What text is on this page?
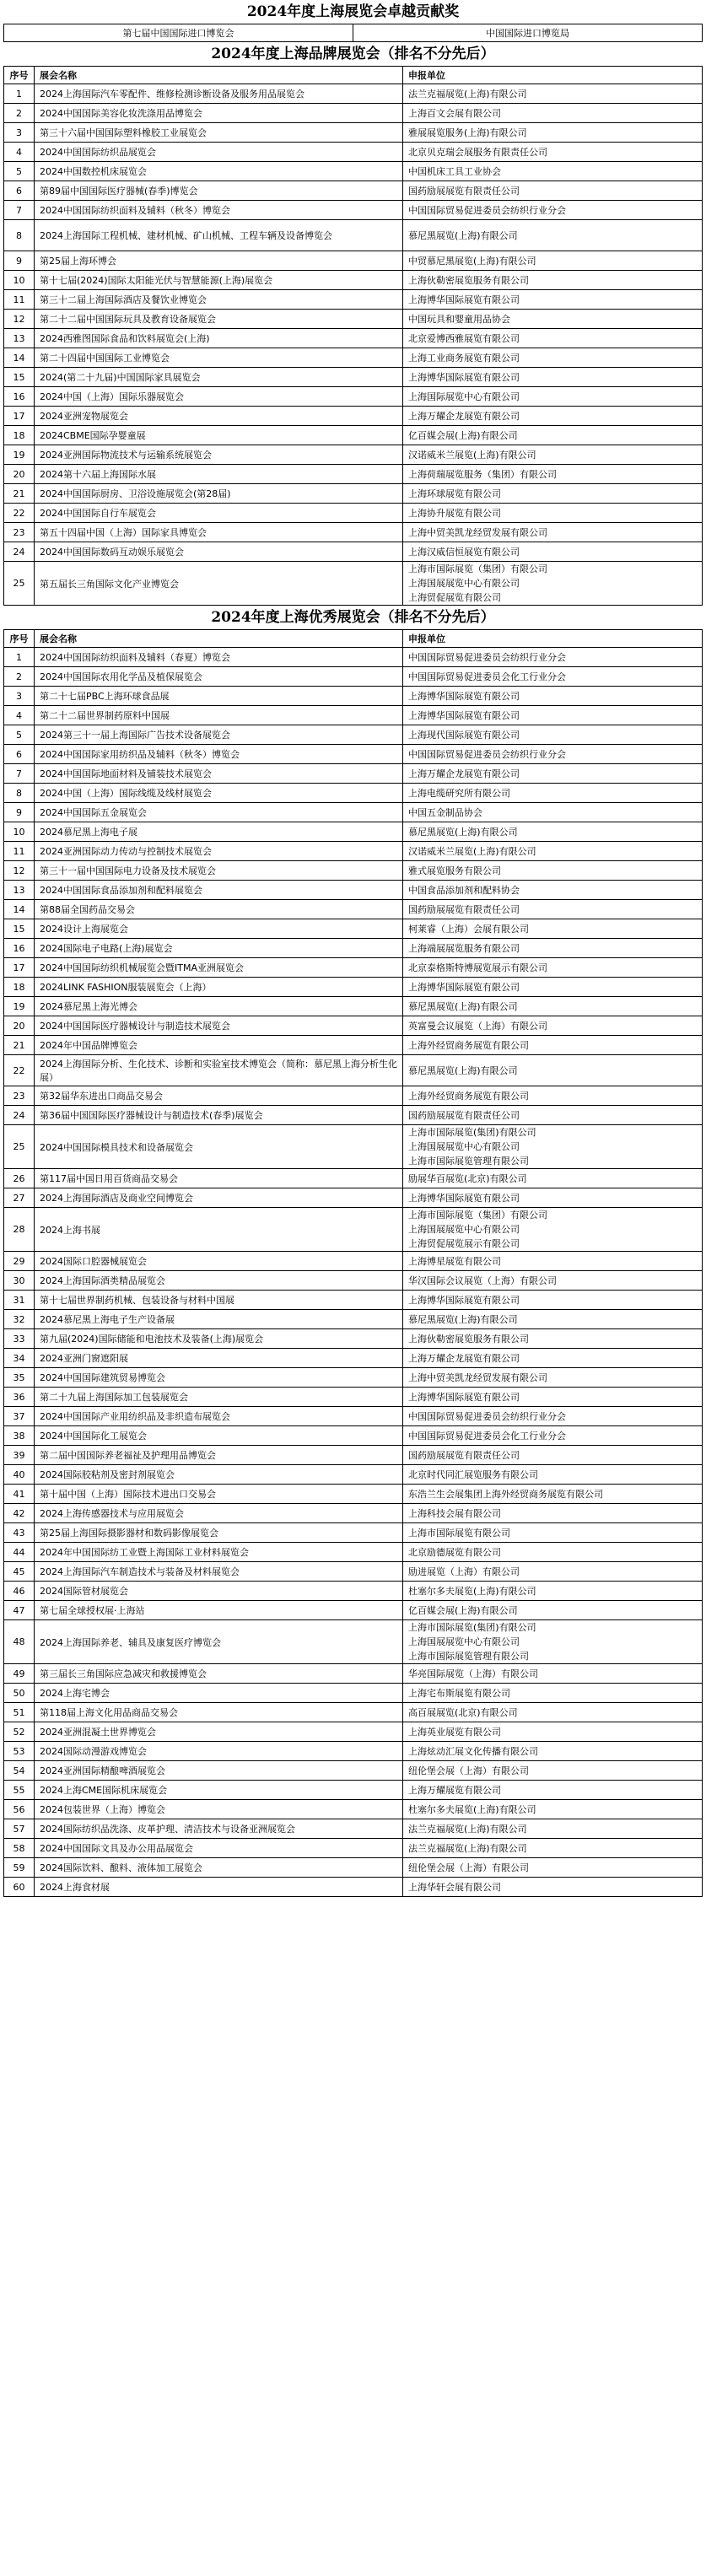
2024年度上海展览会卓越贡献奖
第七届中国国际进口博览会	中国国际进口博览局
2024年度上海品牌展览会（排名不分先后）
序号	展会名称	申报单位
1	2024上海国际汽车零配件、维修检测诊断设备及服务用品展览会	法兰克福展览(上海)有限公司

2	2024中国国际美容化妆洗涤用品博览会	上海百文会展有限公司

3	第三十六届中国国际塑料橡胶工业展览会	雅展展览服务(上海)有限公司

4	2024中国国际纺织品展览会	北京贝克瑞会展服务有限责任公司

5	2024中国数控机床展览会	中国机床工具工业协会

6	第89届中国国际医疗器械(春季)博览会	国药励展展览有限责任公司

7	2024中国国际纺织面料及辅料（秋冬）博览会	中国国际贸易促进委员会纺织行业分会

8	2024上海国际工程机械、建材机械、矿山机械、工程车辆及设备博览会	慕尼黑展览(上海)有限公司

9	第25届上海环博会	中贸慕尼黑展览(上海)有限公司

10	第十七届(2024)国际太阳能光伏与智慧能源(上海)展览会	上海伙勒密展览服务有限公司

11	第三十二届上海国际酒店及餐饮业博览会	上海博华国际展览有限公司

12	第二十二届中国国际玩具及教育设备展览会	中国玩具和婴童用品协会

13	2024西雅图国际食品和饮料展览会(上海)	北京爱博西雅展览有限公司

14	第二十四届中国国际工业博览会	上海工业商务展览有限公司

15	2024(第二十九届)中国国际家具展览会	上海博华国际展览有限公司

16	2024中国（上海）国际乐器展览会	上海国际展览中心有限公司

17	2024亚洲宠物展览会	上海万耀企龙展览有限公司

18	2024CBME国际孕婴童展	亿百媒会展(上海)有限公司

19	2024亚洲国际物流技术与运输系统展览会	汉诺威米兰展览(上海)有限公司

20	2024第十六届上海国际水展	上海荷瑞展览服务（集团）有限公司

21	2024中国国际厨房、卫浴设施展览会(第28届)	上海环球展览有限公司

22	2024中国国际自行车展览会	上海协升展览有限公司

23	第五十四届中国（上海）国际家具博览会	上海中贸美凯龙经贸发展有限公司

24	2024中国国际数码互动娱乐展览会	上海汉威信恒展览有限公司

25	第五届长三角国际文化产业博览会	上海市国际展览（集团）有限公司
上海国展展览中心有限公司
上海贸促展览有限公司
2024年度上海优秀展览会（排名不分先后）
序号	展会名称	申报单位
1	2024中国国际纺织面料及辅料（春夏）博览会	中国国际贸易促进委员会纺织行业分会

2	2024中国国际农用化学品及植保展览会	中国国际贸易促进委员会化工行业分会

3	第二十七届PBC上海环球食品展	上海博华国际展览有限公司

4	第二十二届世界制药原料中国展	上海博华国际展览有限公司

5	2024第三十一届上海国际广告技术设备展览会	上海现代国际展览有限公司

6	2024中国国际家用纺织品及辅料（秋冬）博览会	中国国际贸易促进委员会纺织行业分会

7	2024中国国际地面材料及铺装技术展览会	上海万耀企龙展览有限公司

8	2024中国（上海）国际线缆及线材展览会	上海电缆研究所有限公司

9	2024中国国际五金展览会	中国五金制品协会

10	2024慕尼黑上海电子展	慕尼黑展览(上海)有限公司

11	2024亚洲国际动力传动与控制技术展览会	汉诺威米兰展览(上海)有限公司

12	第三十一届中国国际电力设备及技术展览会	雅式展览服务有限公司

13	2024中国国际食品添加剂和配料展览会	中国食品添加剂和配料协会

14	第88届全国药品交易会	国药励展展览有限责任公司

15	2024设计上海展览会	柯莱睿（上海）会展有限公司

16	2024国际电子电路(上海)展览会	上海端展展览服务有限公司

17	2024中国国际纺织机械展览会暨ITMA亚洲展览会	北京泰格斯特博展览展示有限公司

18	2024LINK FASHION服装展览会（上海）	上海博华国际展览有限公司

19	2024慕尼黑上海光博会	慕尼黑展览(上海)有限公司

20	2024中国国际医疗器械设计与制造技术展览会	英富曼会议展览（上海）有限公司

21	2024年中国品牌博览会	上海外经贸商务展览有限公司

22	2024上海国际分析、生化技术、诊断和实验室技术博览会（简称：慕尼黑上海分析生化展）	慕尼黑展览(上海)有限公司

23	第32届华东进出口商品交易会	上海外经贸商务展览有限公司

24	第36届中国国际医疗器械设计与制造技术(春季)展览会	国药励展展览有限责任公司

25	2024中国国际模具技术和设备展览会	上海市国际展览(集团)有限公司
上海国展展览中心有限公司
上海市国际展览管理有限公司

26	第117届中国日用百货商品交易会	励展华百展览(北京)有限公司

27	2024上海国际酒店及商业空间博览会	上海博华国际展览有限公司

28	2024上海书展	上海市国际展览（集团）有限公司
上海国展展览中心有限公司
上海贸促展览展示有限公司

29	2024国际口腔器械展览会	上海博星展览有限公司

30	2024上海国际酒类精品展览会	华汉国际会议展览（上海）有限公司

31	第十七届世界制药机械、包装设备与材料中国展	上海博华国际展览有限公司

32	2024慕尼黑上海电子生产设备展	慕尼黑展览(上海)有限公司

33	第九届(2024)国际储能和电池技术及装备(上海)展览会	上海伙勒密展览服务有限公司

34	2024亚洲门窗遮阳展	上海万耀企龙展览有限公司

35	2024中国国际建筑贸易博览会	上海中贸美凯龙经贸发展有限公司

36	第二十九届上海国际加工包装展览会	上海博华国际展览有限公司

37	2024中国国际产业用纺织品及非织造布展览会	中国国际贸易促进委员会纺织行业分会

38	2024中国国际化工展览会	中国国际贸易促进委员会化工行业分会

39	第二届中国国际养老福祉及护理用品博览会	国药励展展览有限责任公司

40	2024国际胶粘剂及密封剂展览会	北京时代同汇展览服务有限公司

41	第十届中国（上海）国际技术进出口交易会	东浩兰生会展集团上海外经贸商务展览有限公司

42	2024上海传感器技术与应用展览会	上海科技会展有限公司

43	第25届上海国际摄影器材和数码影像展览会	上海市国际展览有限公司

44	2024年中国国际纺工业暨上海国际工业材料展览会	北京励德展览有限公司

45	2024上海国际汽车制造技术与装备及材料展览会	励进展览（上海）有限公司

46	2024国际管材展览会	杜塞尔多夫展览(上海)有限公司

47	第七届全球授权展·上海站	亿百媒会展(上海)有限公司

48	2024上海国际养老、辅具及康复医疗博览会	上海市国际展览(集团)有限公司
上海国展展览中心有限公司
上海市国际展览管理有限公司

49	第三届长三角国际应急减灾和救援博览会	华亮国际展览（上海）有限公司

50	2024上海宅博会	上海宅布斯展览有限公司

51	第118届上海文化用品商品交易会	高百展展览(北京)有限公司

52	2024亚洲混凝土世界博览会	上海英业展览有限公司

53	2024国际动漫游戏博览会	上海炫动汇展文化传播有限公司

54	2024亚洲国际精酿啤酒展览会	纽伦堡会展（上海）有限公司

55	2024上海CME国际机床展览会	上海万耀展览有限公司

56	2024包装世界（上海）博览会	杜塞尔多夫展览(上海)有限公司

57	2024国际纺织品洗涤、皮革护理、清洁技术与设备亚洲展览会	法兰克福展览(上海)有限公司

58	2024中国国际文具及办公用品展览会	法兰克福展览(上海)有限公司

59	2024国际饮料、酿料、液体加工展览会	纽伦堡会展（上海）有限公司

60	2024上海食材展	上海华轩会展有限公司
